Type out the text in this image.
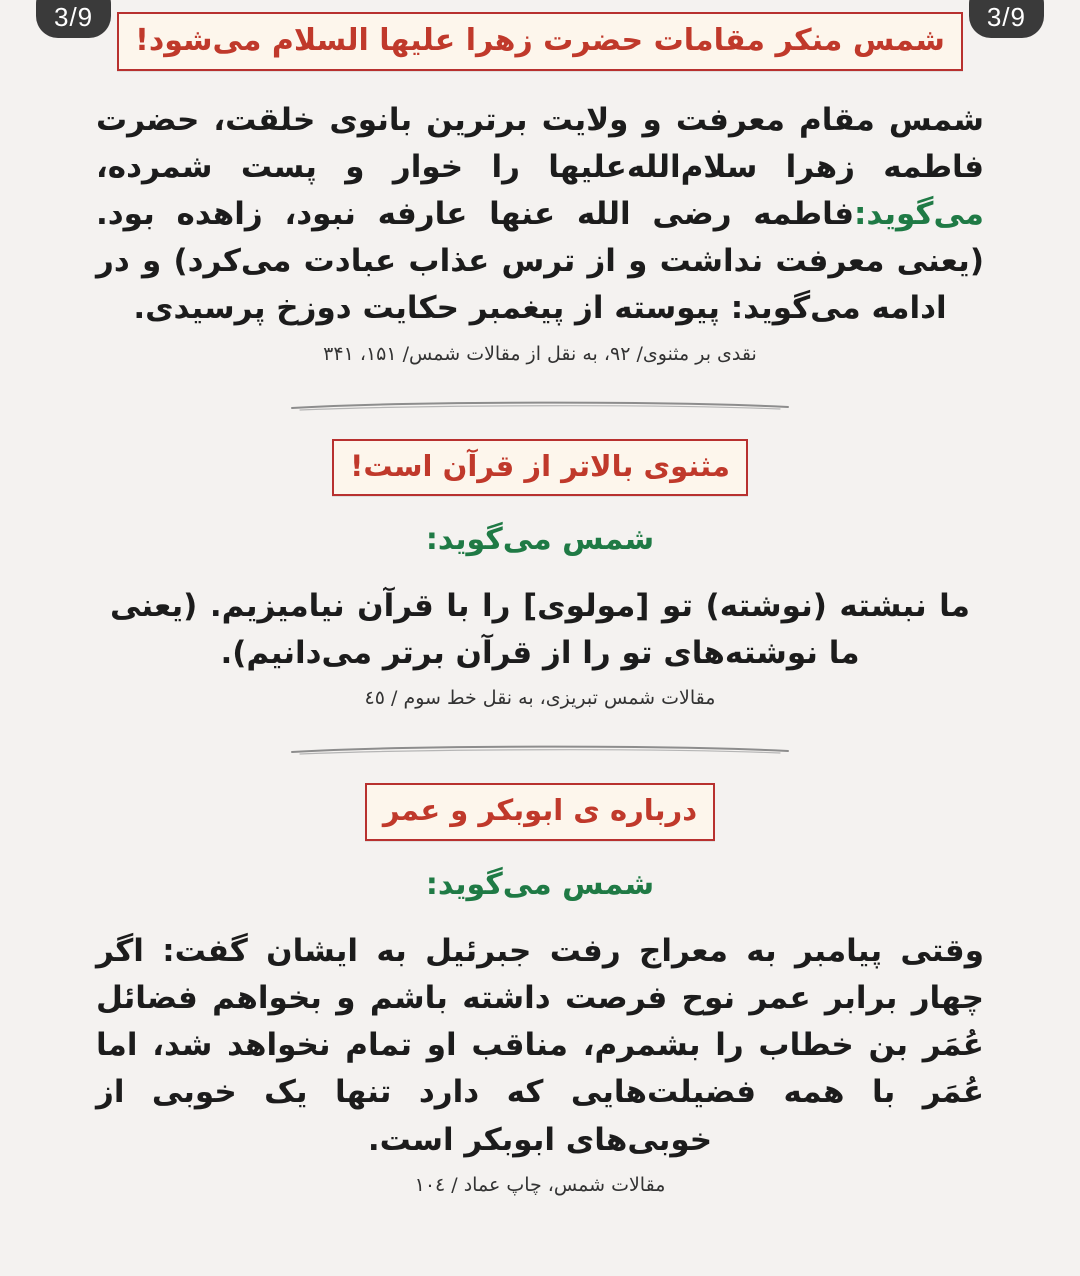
3/9	3/9
شمس منکر مقامات حضرت زهرا علیها السلام می‌شود!
شمس مقام معرفت و ولایت برترین بانوی خلقت، حضرت فاطمه زهرا سلام‌الله‌علیها را خوار و پست شمرده، می‌گوید:فاطمه رضی الله عنها عارفه نبود، زاهده بود. (یعنی معرفت نداشت و از ترس عذاب عبادت می‌کرد) و در ادامه می‌گوید: پیوسته از پیغمبر حکایت دوزخ پرسیدی.
نقدی بر مثنوی/ ۹۲، به نقل از مقالات شمس/ ۱۵۱، ۳۴۱
مثنوی بالاتر از قرآن است!
شمس می‌گوید:
ما نبشته (نوشته) تو [مولوی] را با قرآن نیامیزیم. (یعنی ما نوشته‌های تو را از قرآن برتر می‌دانیم).
مقالات شمس تبریزی، به نقل خط سوم / ٤٥
درباره ی ابوبکر و عمر
شمس می‌گوید:
وقتی پیامبر به معراج رفت جبرئیل به ایشان گفت: اگر چهار برابر عمر نوح فرصت داشته باشم و بخواهم فضائل عُمَر بن خطاب را بشمرم، مناقب او تمام نخواهد شد، اما عُمَر با همه فضیلت‌هایی که دارد تنها یک خوبی از خوبی‌های ابوبکر است.
مقالات شمس، چاپ عماد / ۱۰٤
